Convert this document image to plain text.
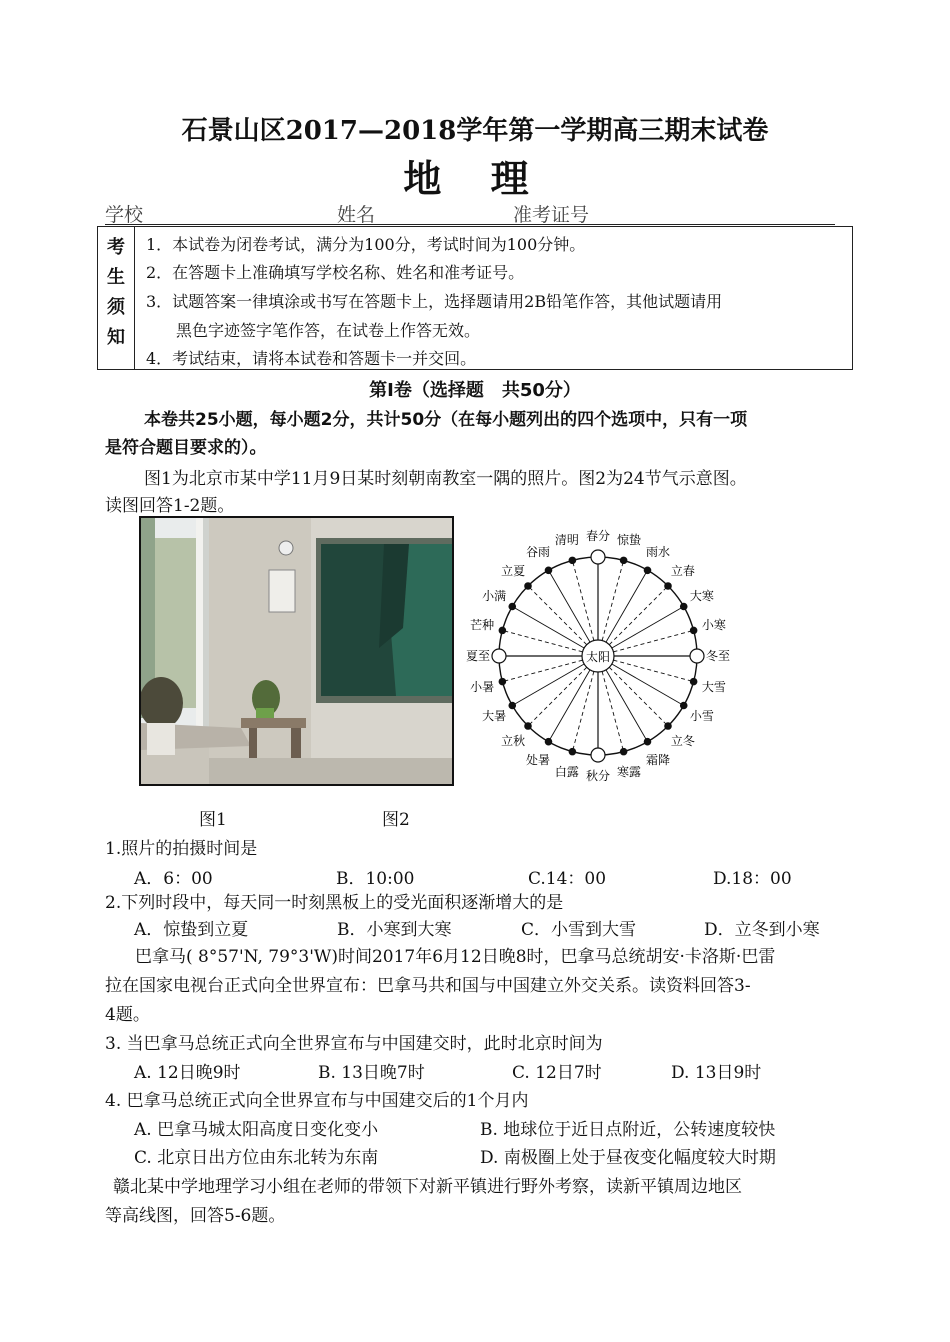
石景山区2017—2018学年第一学期高三期末试卷
地 理
学校	姓名	准考证号
考
生
须
知
1．本试卷为闭卷考试，满分为100分，考试时间为100分钟。
2．在答题卡上准确填写学校名称、姓名和准考证号。
3．试题答案一律填涂或书写在答题卡上，选择题请用2B铅笔作答，其他试题请用
黑色字迹签字笔作答，在试卷上作答无效。
4．考试结束，请将本试卷和答题卡一并交回。
第Ⅰ卷（选择题　共50分）
本卷共25小题，每小题2分，共计50分（在每小题列出的四个选项中，只有一项
是符合题目要求的）。
图1为北京市某中学11月9日某时刻朝南教室一隅的照片。图2为24节气示意图。
读图回答1-2题。
太阳
春分 惊蛰
雨水
立春
大寒
小寒
冬至
大雪
小雪
立冬
霜降
寒露
秋分
白露
处暑
立秋
大暑
小暑
夏至
芒种
小满
立夏
谷雨
清明
图1	图2
1.照片的拍摄时间是
A．6：00	B．10:00	C.14：00	D.18：00
2.下列时段中，每天同一时刻黑板上的受光面积逐渐增大的是
A．惊蛰到立夏	B．小寒到大寒	C．小雪到大雪	D．立冬到小寒
巴拿马( 8°57'N, 79°3'W)时间2017年6月12日晚8时，巴拿马总统胡安·卡洛斯·巴雷
拉在国家电视台正式向全世界宣布：巴拿马共和国与中国建立外交关系。读资料回答3-
4题。
3. 当巴拿马总统正式向全世界宣布与中国建交时，此时北京时间为
A. 12日晚9时	B. 13日晚7时	C. 12日7时	D. 13日9时
4. 巴拿马总统正式向全世界宣布与中国建交后的1个月内
A. 巴拿马城太阳高度日变化变小	B. 地球位于近日点附近，公转速度较快
C. 北京日出方位由东北转为东南	D. 南极圈上处于昼夜变化幅度较大时期
赣北某中学地理学习小组在老师的带领下对新平镇进行野外考察，读新平镇周边地区
等高线图，回答5-6题。
